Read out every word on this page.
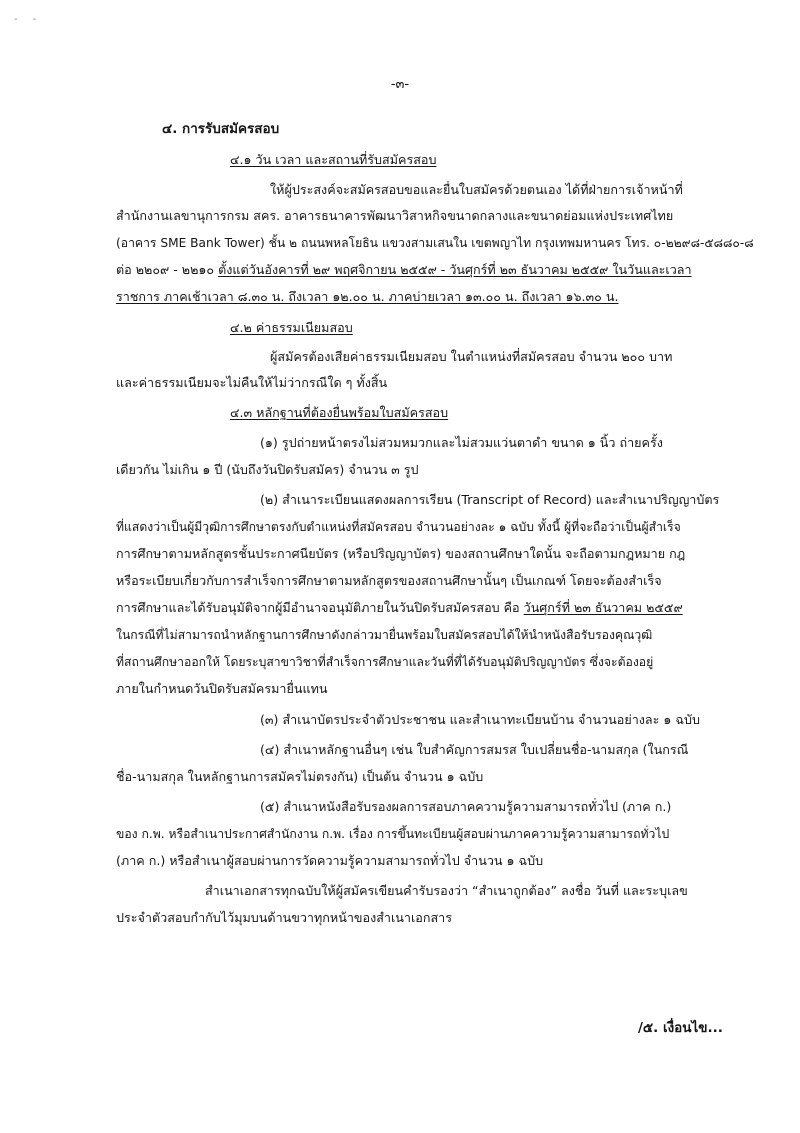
- ‑
-๓-
๔. การรับสมัครสอบ
๔.๑ วัน เวลา และสถานที่รับสมัครสอบ
ให้ผู้ประสงค์จะสมัครสอบขอและยื่นใบสมัครด้วยตนเอง ได้ที่ฝ่ายการเจ้าหน้าที่
สำนักงานเลขานุการกรม สคร. อาคารธนาคารพัฒนาวิสาหกิจขนาดกลางและขนาดย่อมแห่งประเทศไทย
(อาคาร SME Bank Tower) ชั้น ๒ ถนนพหลโยธิน แขวงสามเสนใน เขตพญาไท กรุงเทพมหานคร โทร. ๐-๒๒๙๘-๕๘๘๐-๘
ต่อ ๒๒๐๙ - ๒๒๑๐ ตั้งแต่วันอังคารที่ ๒๙ พฤศจิกายน ๒๕๕๙ - วันศุกร์ที่ ๒๓ ธันวาคม ๒๕๕๙ ในวันและเวลา
ราชการ ภาคเช้าเวลา ๘.๓๐ น. ถึงเวลา ๑๒.๐๐ น. ภาคบ่ายเวลา ๑๓.๐๐ น. ถึงเวลา ๑๖.๓๐ น.
๔.๒ ค่าธรรมเนียมสอบ
ผู้สมัครต้องเสียค่าธรรมเนียมสอบ ในตำแหน่งที่สมัครสอบ จำนวน ๒๐๐ บาท
และค่าธรรมเนียมจะไม่คืนให้ไม่ว่ากรณีใด ๆ ทั้งสิ้น
๔.๓ หลักฐานที่ต้องยื่นพร้อมใบสมัครสอบ
(๑) รูปถ่ายหน้าตรงไม่สวมหมวกและไม่สวมแว่นตาดำ ขนาด ๑ นิ้ว ถ่ายครั้ง
เดียวกัน ไม่เกิน ๑ ปี (นับถึงวันปิดรับสมัคร) จำนวน ๓ รูป
(๒) สำเนาระเบียนแสดงผลการเรียน (Transcript of Record) และสำเนาปริญญาบัตร
ที่แสดงว่าเป็นผู้มีวุฒิการศึกษาตรงกับตำแหน่งที่สมัครสอบ จำนวนอย่างละ ๑ ฉบับ ทั้งนี้ ผู้ที่จะถือว่าเป็นผู้สำเร็จ
การศึกษาตามหลักสูตรชั้นประกาศนียบัตร (หรือปริญญาบัตร) ของสถานศึกษาใดนั้น จะถือตามกฎหมาย กฎ
หรือระเบียบเกี่ยวกับการสำเร็จการศึกษาตามหลักสูตรของสถานศึกษานั้นๆ เป็นเกณฑ์ โดยจะต้องสำเร็จ
การศึกษาและได้รับอนุมัติจากผู้มีอำนาจอนุมัติภายในวันปิดรับสมัครสอบ คือ วันศุกร์ที่ ๒๓ ธันวาคม ๒๕๕๙
ในกรณีที่ไม่สามารถนำหลักฐานการศึกษาดังกล่าวมายื่นพร้อมใบสมัครสอบได้ให้นำหนังสือรับรองคุณวุฒิ
ที่สถานศึกษาออกให้ โดยระบุสาขาวิชาที่สำเร็จการศึกษาและวันที่ที่ได้รับอนุมัติปริญญาบัตร ซึ่งจะต้องอยู่
ภายในกำหนดวันปิดรับสมัครมายื่นแทน
(๓) สำเนาบัตรประจำตัวประชาชน และสำเนาทะเบียนบ้าน จำนวนอย่างละ ๑ ฉบับ
(๔) สำเนาหลักฐานอื่นๆ เช่น ใบสำคัญการสมรส ใบเปลี่ยนชื่อ-นามสกุล (ในกรณี
ชื่อ-นามสกุล ในหลักฐานการสมัครไม่ตรงกัน) เป็นต้น จำนวน ๑ ฉบับ
(๕) สำเนาหนังสือรับรองผลการสอบภาคความรู้ความสามารถทั่วไป (ภาค ก.)
ของ ก.พ. หรือสำเนาประกาศสำนักงาน ก.พ. เรื่อง การขึ้นทะเบียนผู้สอบผ่านภาคความรู้ความสามารถทั่วไป
(ภาค ก.) หรือสำเนาผู้สอบผ่านการวัดความรู้ความสามารถทั่วไป จำนวน ๑ ฉบับ
สำเนาเอกสารทุกฉบับให้ผู้สมัครเขียนคำรับรองว่า “สำเนาถูกต้อง” ลงชื่อ วันที่ และระบุเลข
ประจำตัวสอบกำกับไว้มุมบนด้านขวาทุกหน้าของสำเนาเอกสาร
/๕. เงื่อนไข...
